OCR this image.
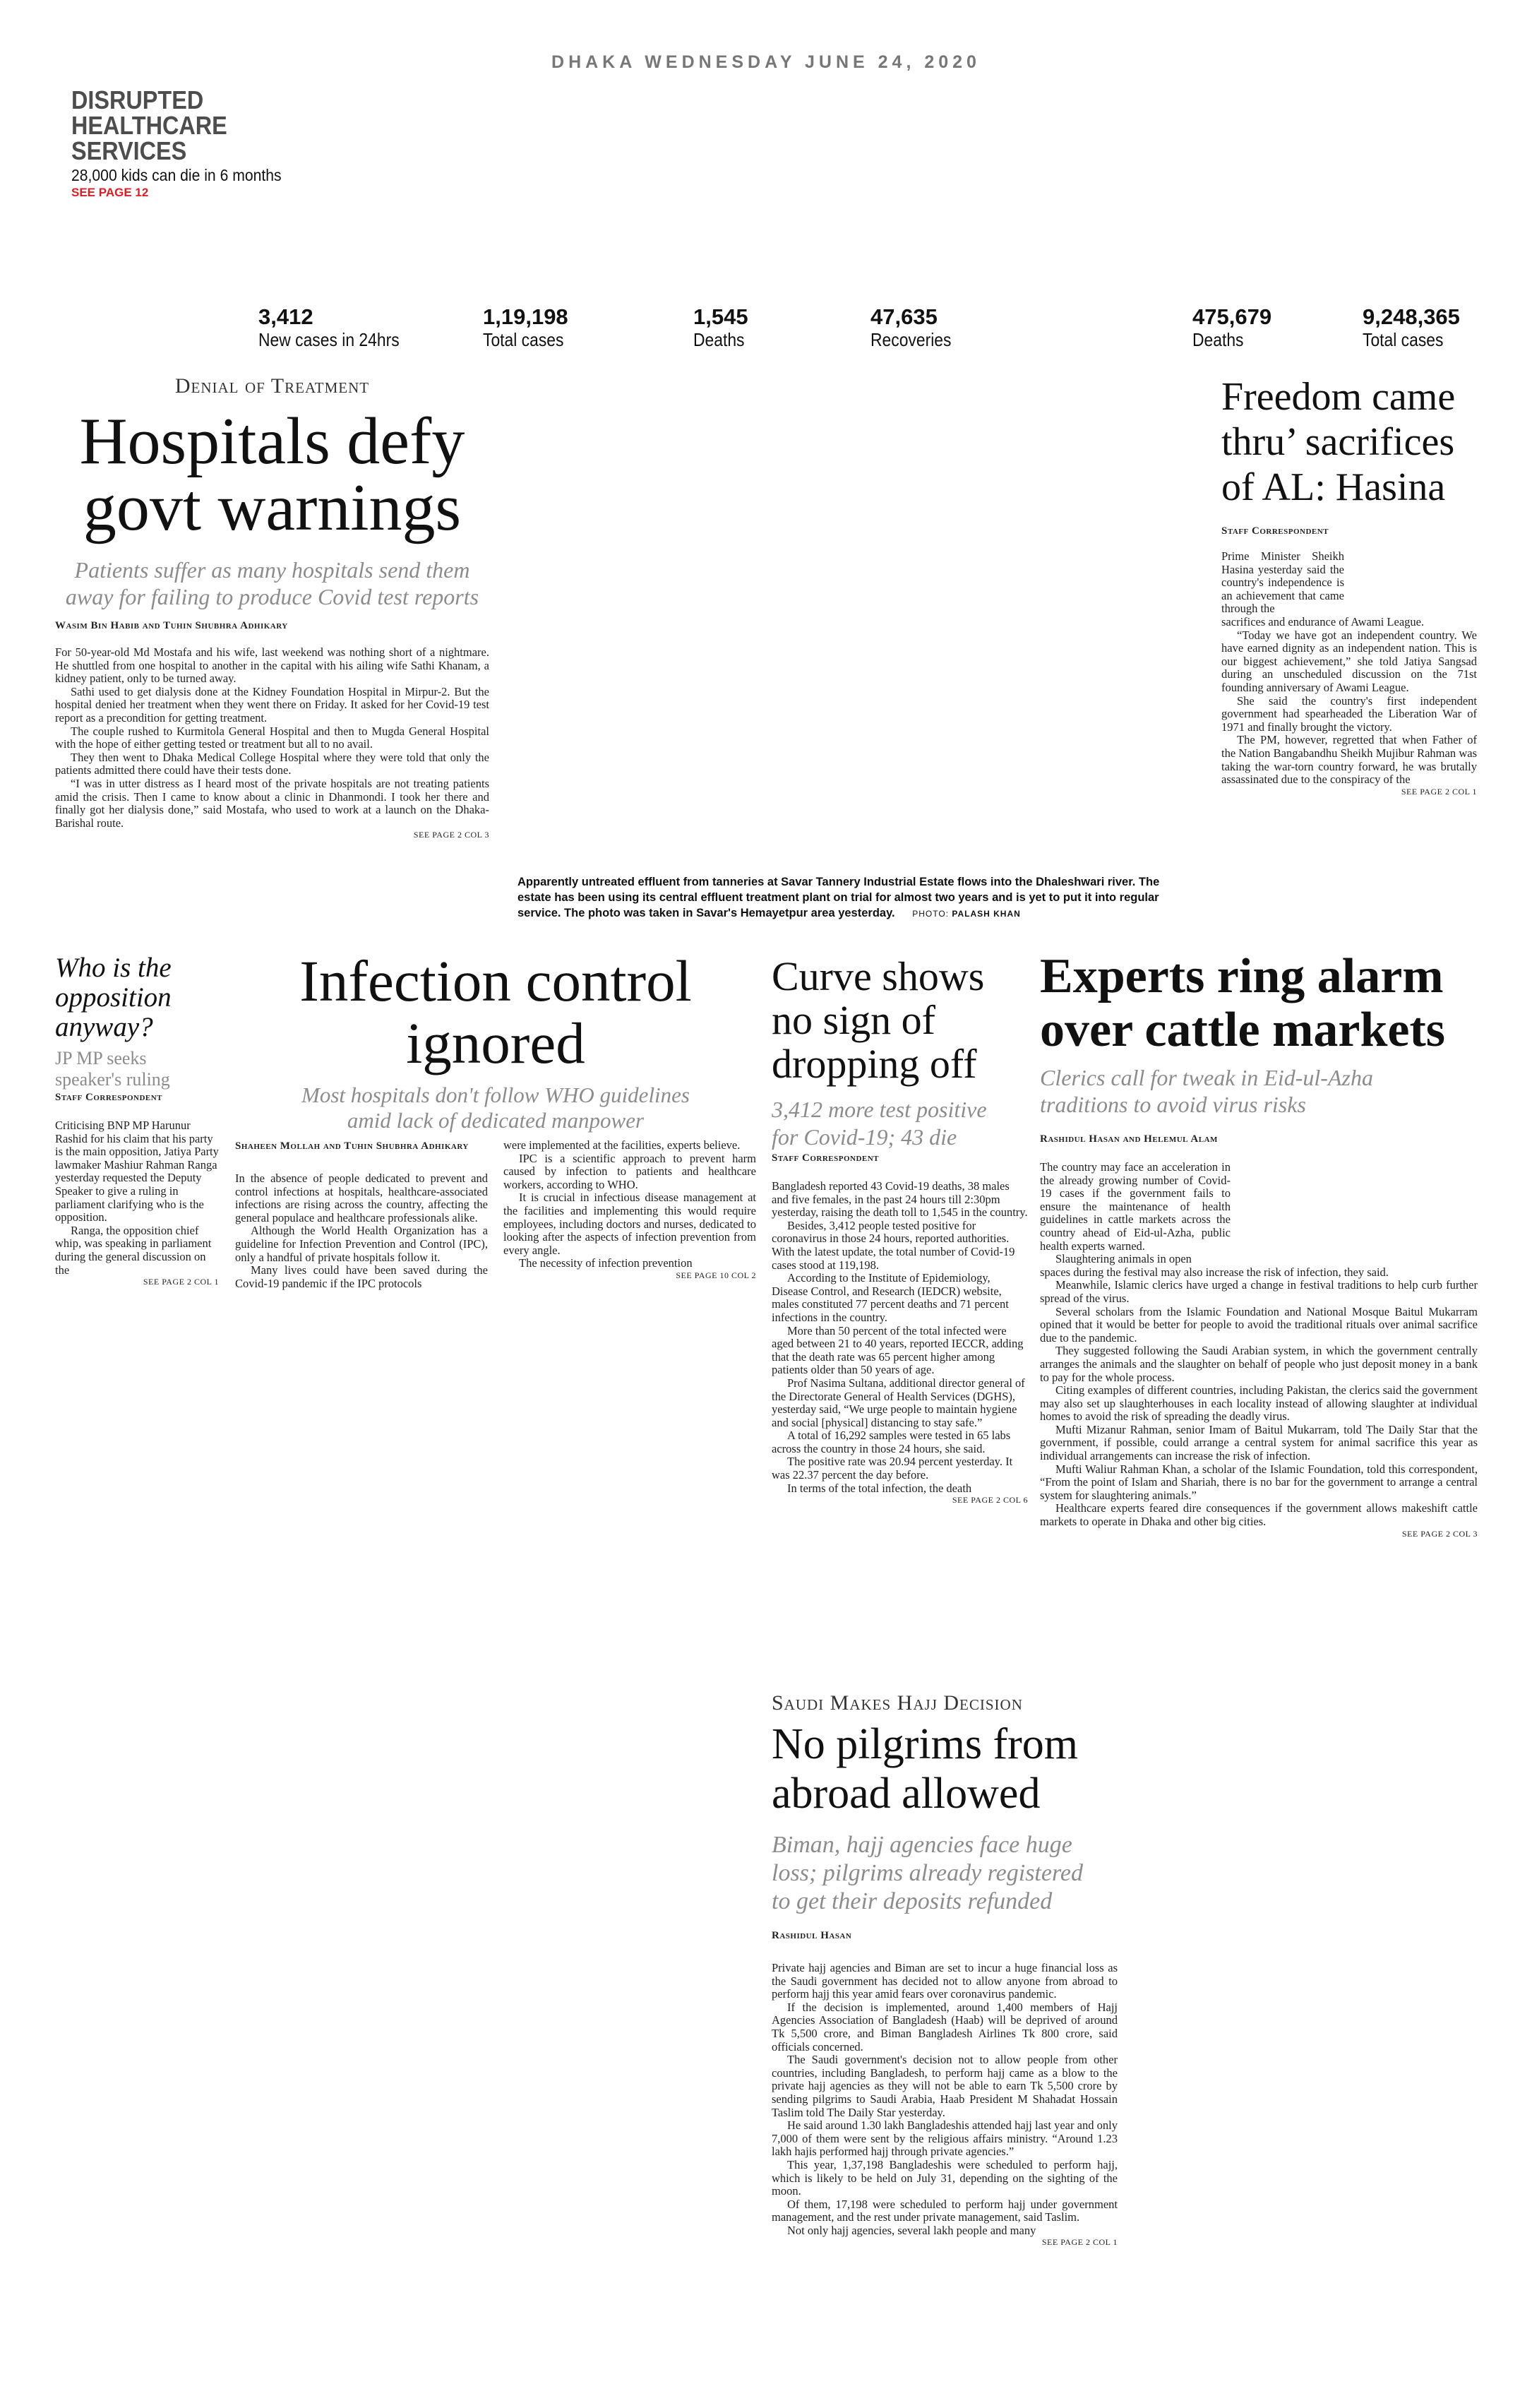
DHAKA WEDNESDAY JUNE 24, 2020
DISRUPTED
HEALTHCARE
SERVICES
28,000 kids can die in 6 months
SEE PAGE 12
3,412
New cases in 24hrs
1,19,198
Total cases
1,545
Deaths
47,635
Recoveries
475,679
Deaths
9,248,365
Total cases
Denial of Treatment
Hospitals defy
govt warnings
Patients suffer as many hospitals send them
away for failing to produce Covid test reports
Wasim Bin Habib and Tuhin Shubhra Adhikary

For 50-year-old Md Mostafa and his wife, last weekend was nothing short of a nightmare. He shuttled from one hospital to another in the capital with his ailing wife Sathi Khanam, a kidney patient, only to be turned away.

Sathi used to get dialysis done at the Kidney Foundation Hospital in Mirpur-2. But the hospital denied her treatment when they went there on Friday. It asked for her Covid-19 test report as a precondition for getting treatment.

The couple rushed to Kurmitola General Hospital and then to Mugda General Hospital with the hope of either getting tested or treatment but all to no avail.

They then went to Dhaka Medical College Hospital where they were told that only the patients admitted there could have their tests done.

“I was in utter distress as I heard most of the private hospitals are not treating patients amid the crisis. Then I came to know about a clinic in Dhanmondi. I took her there and finally got her dialysis done,” said Mostafa, who used to work at a launch on the Dhaka-Barishal route.

SEE PAGE 2 COL 3
Apparently untreated effluent from tanneries at Savar Tannery Industrial Estate flows into the Dhaleshwari river. The estate has been using its central effluent treatment plant on trial for almost two years and is yet to put it into regular service. The photo was taken in Savar's Hemayetpur area yesterday. PHOTO: PALASH KHAN
Freedom came
thru’ sacrifices
of AL: Hasina
Staff Correspondent

Prime Minister Sheikh Hasina yesterday said the country's independence is an achievement that came through the

sacrifices and endurance of Awami League.

“Today we have got an independent country. We have earned dignity as an independent nation. This is our biggest achievement,” she told Jatiya Sangsad during an unscheduled discussion on the 71st founding anniversary of Awami League.

She said the country's first independent government had spearheaded the Liberation War of 1971 and finally brought the victory.

The PM, however, regretted that when Father of the Nation Bangabandhu Sheikh Mujibur Rahman was taking the war-torn country forward, he was brutally assassinated due to the conspiracy of the

SEE PAGE 2 COL 1
Who is the
opposition
anyway?
JP MP seeks
speaker's ruling
Staff Correspondent

Criticising BNP MP Harunur Rashid for his claim that his party is the main opposition, Jatiya Party lawmaker Mashiur Rahman Ranga yesterday requested the Deputy Speaker to give a ruling in parliament clarifying who is the opposition.

Ranga, the opposition chief whip, was speaking in parliament during the general discussion on the

SEE PAGE 2 COL 1
Infection control
ignored
Most hospitals don't follow WHO guidelines
amid lack of dedicated manpower
Shaheen Mollah and Tuhin Shubhra Adhikary

In the absence of people dedicated to prevent and control infections at hospitals, healthcare-associated infections are rising across the country, affecting the general populace and healthcare professionals alike.

Although the World Health Organization has a guideline for Infection Prevention and Control (IPC), only a handful of private hospitals follow it.

Many lives could have been saved during the Covid-19 pandemic if the IPC protocols

were implemented at the facilities, experts believe.

IPC is a scientific approach to prevent harm caused by infection to patients and healthcare workers, according to WHO.

It is crucial in infectious disease management at the facilities and implementing this would require employees, including doctors and nurses, dedicated to looking after the aspects of infection prevention from every angle.

The necessity of infection prevention

SEE PAGE 10 COL 2
Curve shows
no sign of
dropping off
3,412 more test positive
for Covid-19; 43 die
Staff Correspondent

Bangladesh reported 43 Covid-19 deaths, 38 males and five females, in the past 24 hours till 2:30pm yesterday, raising the death toll to 1,545 in the country.

Besides, 3,412 people tested positive for coronavirus in those 24 hours, reported authorities. With the latest update, the total number of Covid-19 cases stood at 119,198.

According to the Institute of Epidemiology, Disease Control, and Research (IEDCR) website, males constituted 77 percent deaths and 71 percent infections in the country.

More than 50 percent of the total infected were aged between 21 to 40 years, reported IECCR, adding that the death rate was 65 percent higher among patients older than 50 years of age.

Prof Nasima Sultana, additional director general of the Directorate General of Health Services (DGHS), yesterday said, “We urge people to maintain hygiene and social [physical] distancing to stay safe.”

A total of 16,292 samples were tested in 65 labs across the country in those 24 hours, she said.

The positive rate was 20.94 percent yesterday. It was 22.37 percent the day before.

In terms of the total infection, the death

SEE PAGE 2 COL 6
Experts ring alarm
over cattle markets
Clerics call for tweak in Eid-ul-Azha
traditions to avoid virus risks
Rashidul Hasan and Helemul Alam

The country may face an acceleration in the already growing number of Covid-19 cases if the government fails to ensure the maintenance of health guidelines in cattle markets across the country ahead of Eid-ul-Azha, public health experts warned.

Slaughtering animals in open

spaces during the festival may also increase the risk of infection, they said.

Meanwhile, Islamic clerics have urged a change in festival traditions to help curb further spread of the virus.

Several scholars from the Islamic Foundation and National Mosque Baitul Mukarram opined that it would be better for people to avoid the traditional rituals over animal sacrifice due to the pandemic.

They suggested following the Saudi Arabian system, in which the government centrally arranges the animals and the slaughter on behalf of people who just deposit money in a bank to pay for the whole process.

Citing examples of different countries, including Pakistan, the clerics said the government may also set up slaughterhouses in each locality instead of allowing slaughter at individual homes to avoid the risk of spreading the deadly virus.

Mufti Mizanur Rahman, senior Imam of Baitul Mukarram, told The Daily Star that the government, if possible, could arrange a central system for animal sacrifice this year as individual arrangements can increase the risk of infection.

Mufti Waliur Rahman Khan, a scholar of the Islamic Foundation, told this correspondent, “From the point of Islam and Shariah, there is no bar for the government to arrange a central system for slaughtering animals.”

Healthcare experts feared dire consequences if the government allows makeshift cattle markets to operate in Dhaka and other big cities.

SEE PAGE 2 COL 3
Saudi Makes Hajj Decision
No pilgrims from
abroad allowed
Biman, hajj agencies face huge
loss; pilgrims already registered
to get their deposits refunded
Rashidul Hasan

Private hajj agencies and Biman are set to incur a huge financial loss as the Saudi government has decided not to allow anyone from abroad to perform hajj this year amid fears over coronavirus pandemic.

If the decision is implemented, around 1,400 members of Hajj Agencies Association of Bangladesh (Haab) will be deprived of around Tk 5,500 crore, and Biman Bangladesh Airlines Tk 800 crore, said officials concerned.

The Saudi government's decision not to allow people from other countries, including Bangladesh, to perform hajj came as a blow to the private hajj agencies as they will not be able to earn Tk 5,500 crore by sending pilgrims to Saudi Arabia, Haab President M Shahadat Hossain Taslim told The Daily Star yesterday.

He said around 1.30 lakh Bangladeshis attended hajj last year and only 7,000 of them were sent by the religious affairs ministry. “Around 1.23 lakh hajis performed hajj through private agencies.”

This year, 1,37,198 Bangladeshis were scheduled to perform hajj, which is likely to be held on July 31, depending on the sighting of the moon.

Of them, 17,198 were scheduled to perform hajj under government management, and the rest under private management, said Taslim.

Not only hajj agencies, several lakh people and many

SEE PAGE 2 COL 1
